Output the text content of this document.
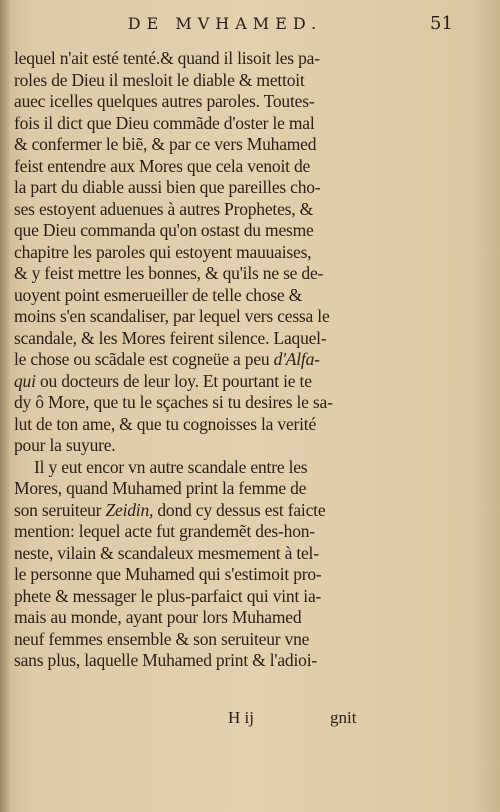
DE MVHAMED.	51
lequel n'ait esté tenté.& quand il lisoit les pa-
roles de Dieu il mesloit le diable & mettoit
auec icelles quelques autres paroles. Toutes-
fois il dict que Dieu commãde d'oster le mal
& confermer le biẽ, & par ce vers Muhamed
feist entendre aux Mores que cela venoit de
la part du diable aussi bien que pareilles cho-
ses estoyent aduenues à autres Prophetes, &
que Dieu commanda qu'on ostast du mesme
chapitre les paroles qui estoyent mauuaises,
& y feist mettre les bonnes, & qu'ils ne se de-
uoyent point esmerueiller de telle chose &
moins s'en scandaliser, par lequel vers cessa le
scandale, & les Mores feirent silence. Laquel-
le chose ou scãdale est cogneüe a peu d'Alfa-
qui ou docteurs de leur loy. Et pourtant ie te
dy ô More, que tu le sçaches si tu desires le sa-
lut de ton ame, & que tu cognoisses la verité
pour la suyure.
Il y eut encor vn autre scandale entre les
Mores, quand Muhamed print la femme de
son seruiteur Zeidin, dond cy dessus est faicte
mention: lequel acte fut grandemẽt des-hon-
neste, vilain & scandaleux mesmement à tel-
le personne que Muhamed qui s'estimoit pro-
phete & messager le plus-parfaict qui vint ia-
mais au monde, ayant pour lors Muhamed
neuf femmes ensemble & son seruiteur vne
sans plus, laquelle Muhamed print & l'adioi-
H ij	gnit
